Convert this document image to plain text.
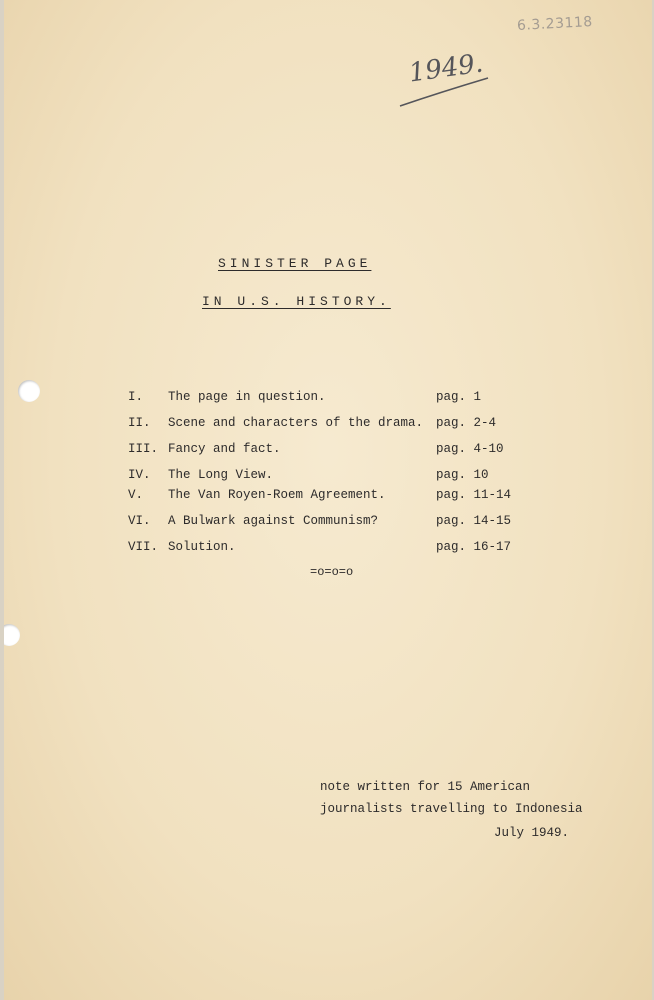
6.3.23118
1949.
SINISTER PAGE
IN U.S. HISTORY.
I. The page in question.	pag. 1
II. Scene and characters of the drama. pag. 2-4
III. Fancy and fact.	pag. 4-10
IV. The Long View.	pag. 10
V. The Van Royen-Roem Agreement.	pag. 11-14
VI. A Bulwark against Communism?	pag. 14-15
VII. Solution.	pag. 16-17
=o=o=o
note written for 15 American
journalists travelling to Indonesia
July 1949.
